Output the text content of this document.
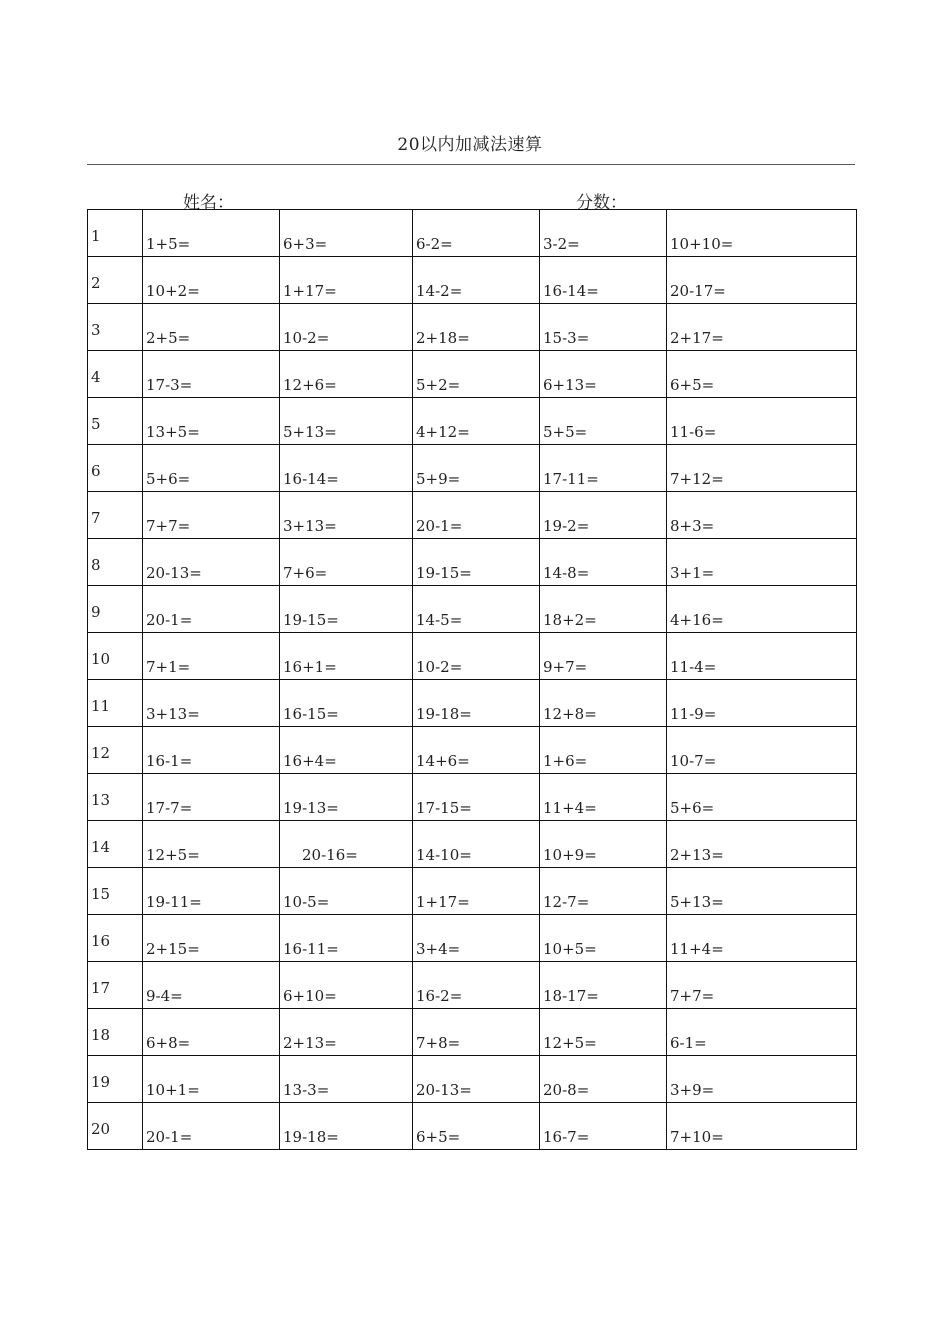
20以内加减法速算
姓名：	分数：
1	1+5=	6+3=	6-2=	3-2=	10+10=

2	10+2=	1+17=	14-2=	16-14=	20-17=

3	2+5=	10-2=	2+18=	15-3=	2+17=

4	17-3=	12+6=	5+2=	6+13=	6+5=

5	13+5=	5+13=	4+12=	5+5=	11-6=

6	5+6=	16-14=	5+9=	17-11=	7+12=

7	7+7=	3+13=	20-1=	19-2=	8+3=

8	20-13=	7+6=	19-15=	14-8=	3+1=

9	20-1=	19-15=	14-5=	18+2=	4+16=

10	7+1=	16+1=	10-2=	9+7=	11-4=

11	3+13=	16-15=	19-18=	12+8=	11-9=

12	16-1=	16+4=	14+6=	1+6=	10-7=

13	17-7=	19-13=	17-15=	11+4=	5+6=

14	12+5=	20-16=	14-10=	10+9=	2+13=

15	19-11=	10-5=	1+17=	12-7=	5+13=

16	2+15=	16-11=	3+4=	10+5=	11+4=

17	9-4=	6+10=	16-2=	18-17=	7+7=

18	6+8=	2+13=	7+8=	12+5=	6-1=

19	10+1=	13-3=	20-13=	20-8=	3+9=

20	20-1=	19-18=	6+5=	16-7=	7+10=
